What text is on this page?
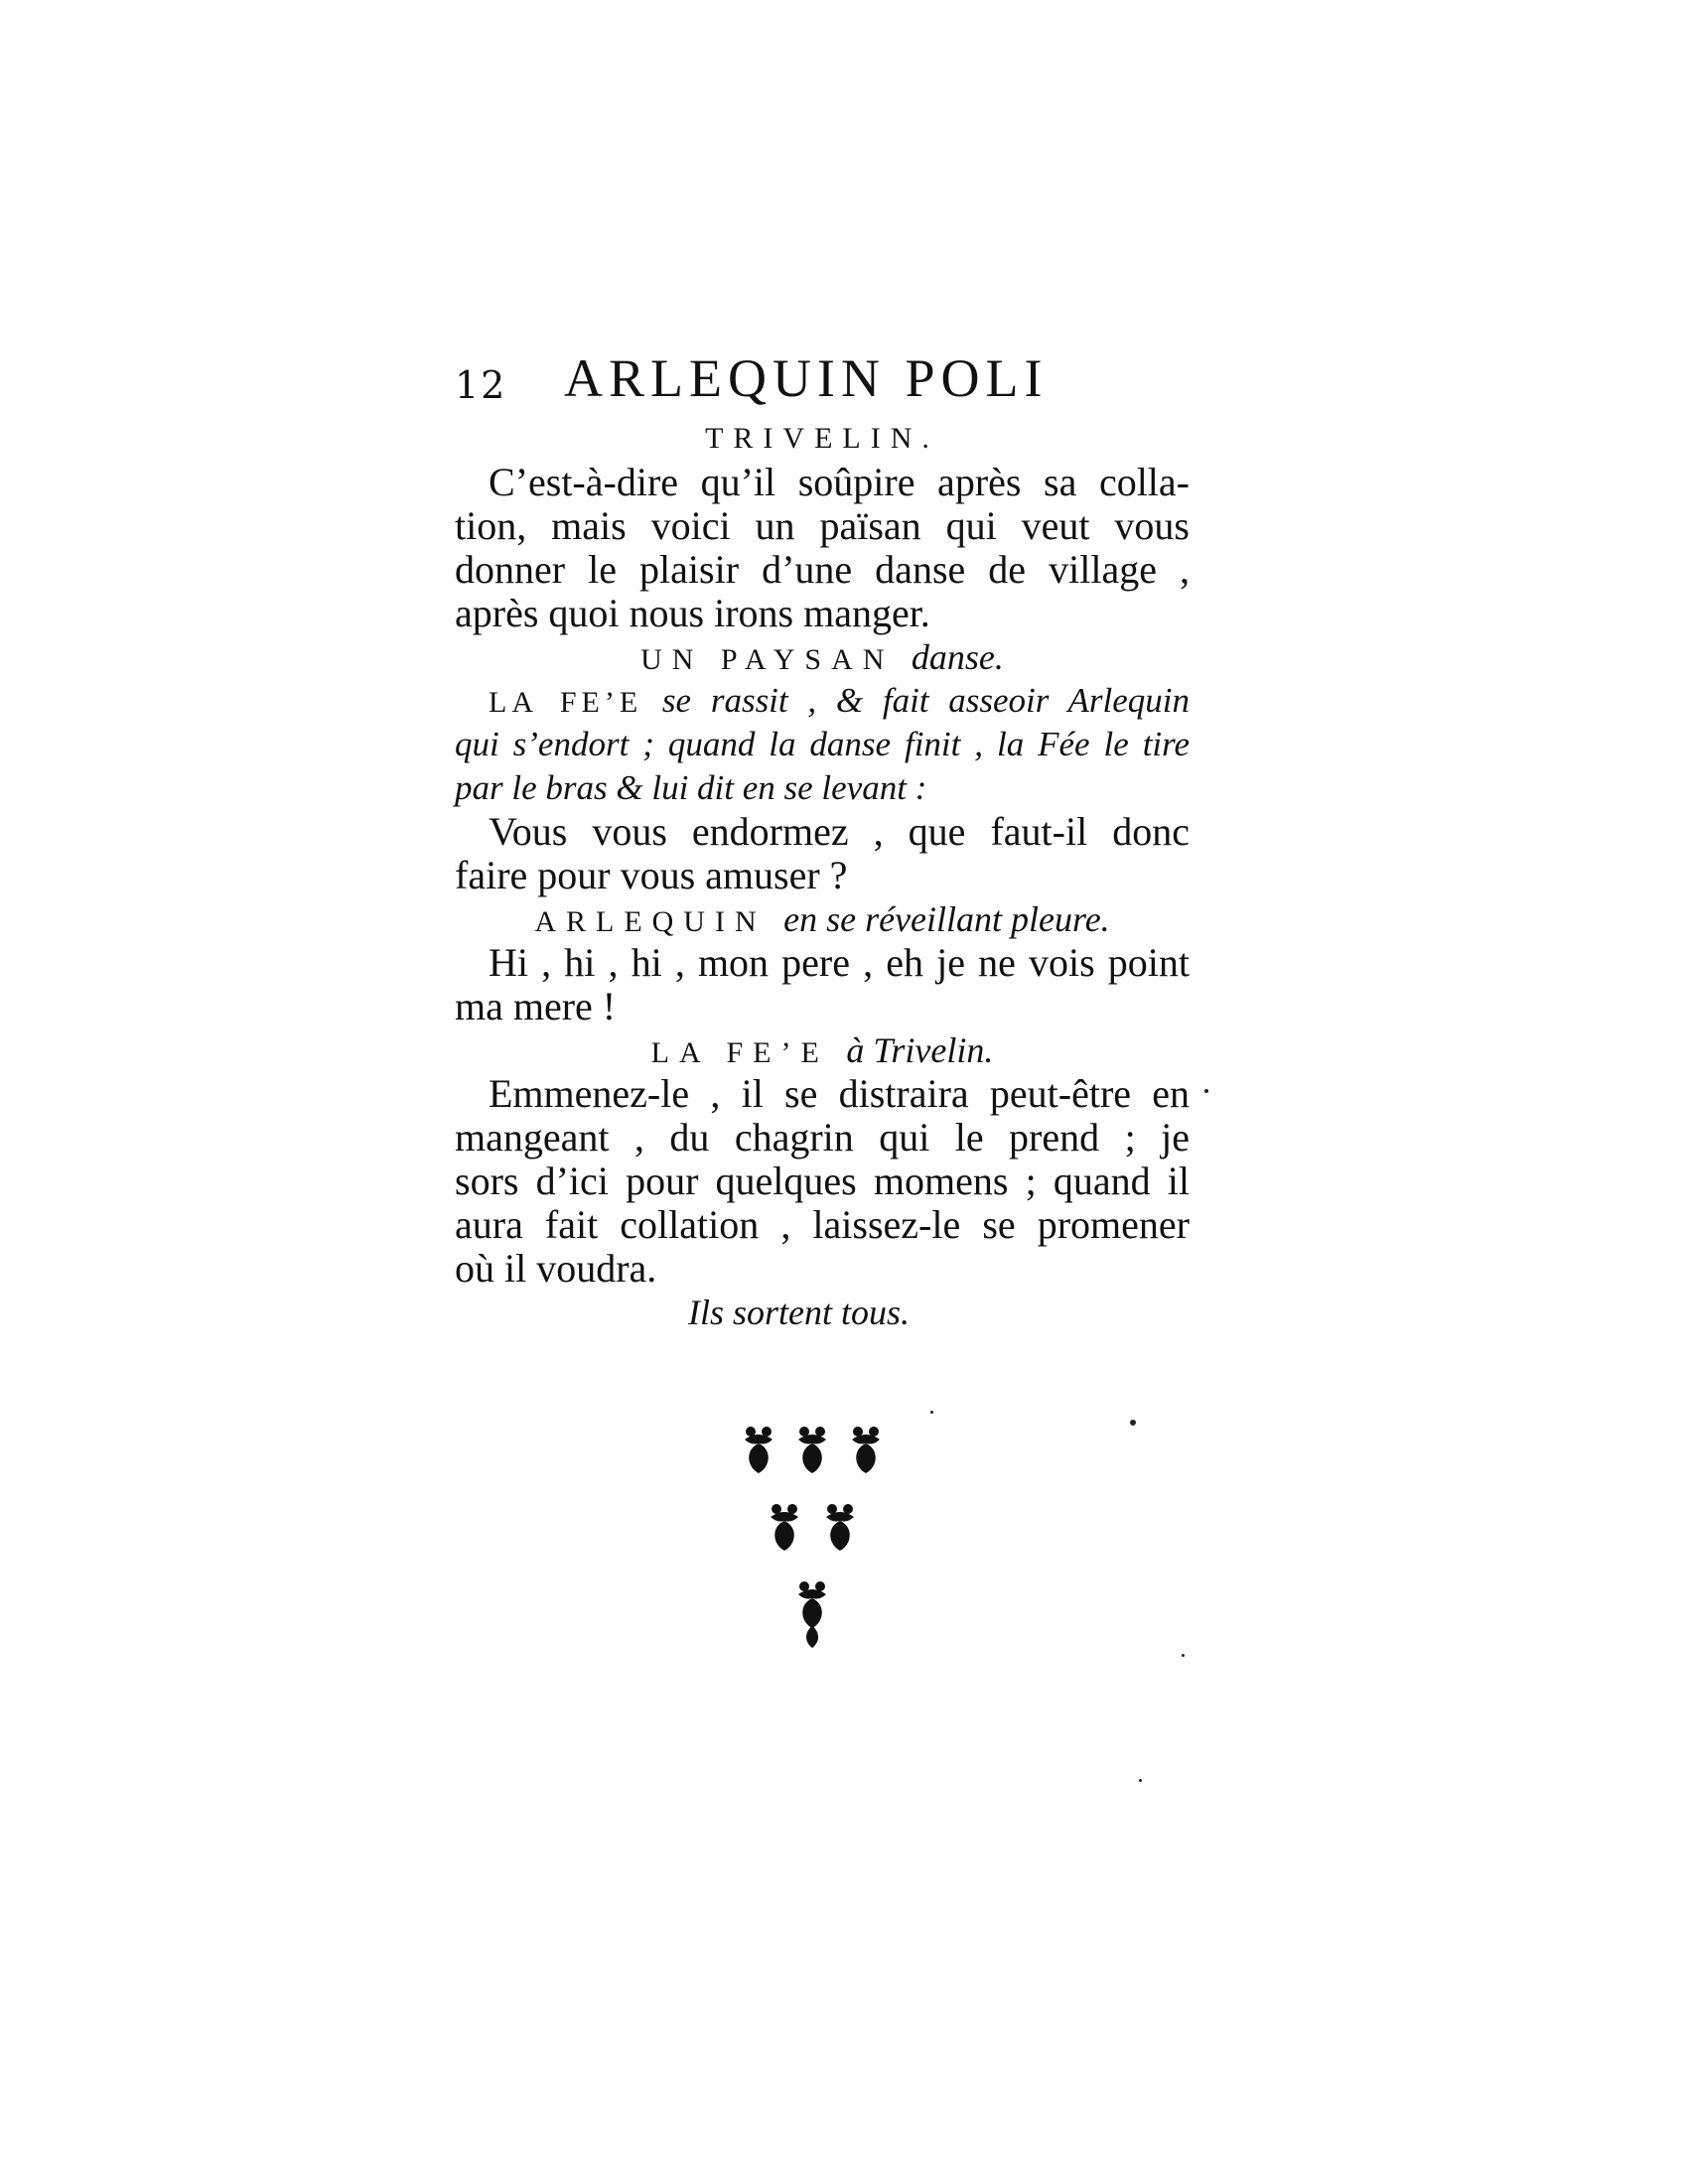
12 ARLEQUIN POLI
TRIVELIN.
C’est-à-dire qu’il soûpire après sa colla-
tion, mais voici un païsan qui veut vous
donner le plaisir d’une danse de village ,
après quoi nous irons manger.
UN PAYSAN danse.
LA FE’E se rassit , & fait asseoir Arlequin
qui s’endort ; quand la danse finit , la Fée le tire
par le bras & lui dit en se levant :
Vous vous endormez , que faut-il donc
faire pour vous amuser ?
ARLEQUIN en se réveillant pleure.
Hi , hi , hi , mon pere , eh je ne vois point
ma mere !
LA FE’E à Trivelin.
Emmenez-le , il se distraira peut-être en
mangeant , du chagrin qui le prend ; je
sors d’ici pour quelques momens ; quand il
aura fait collation , laissez-le se promener
où il voudra.
Ils sortent tous.
